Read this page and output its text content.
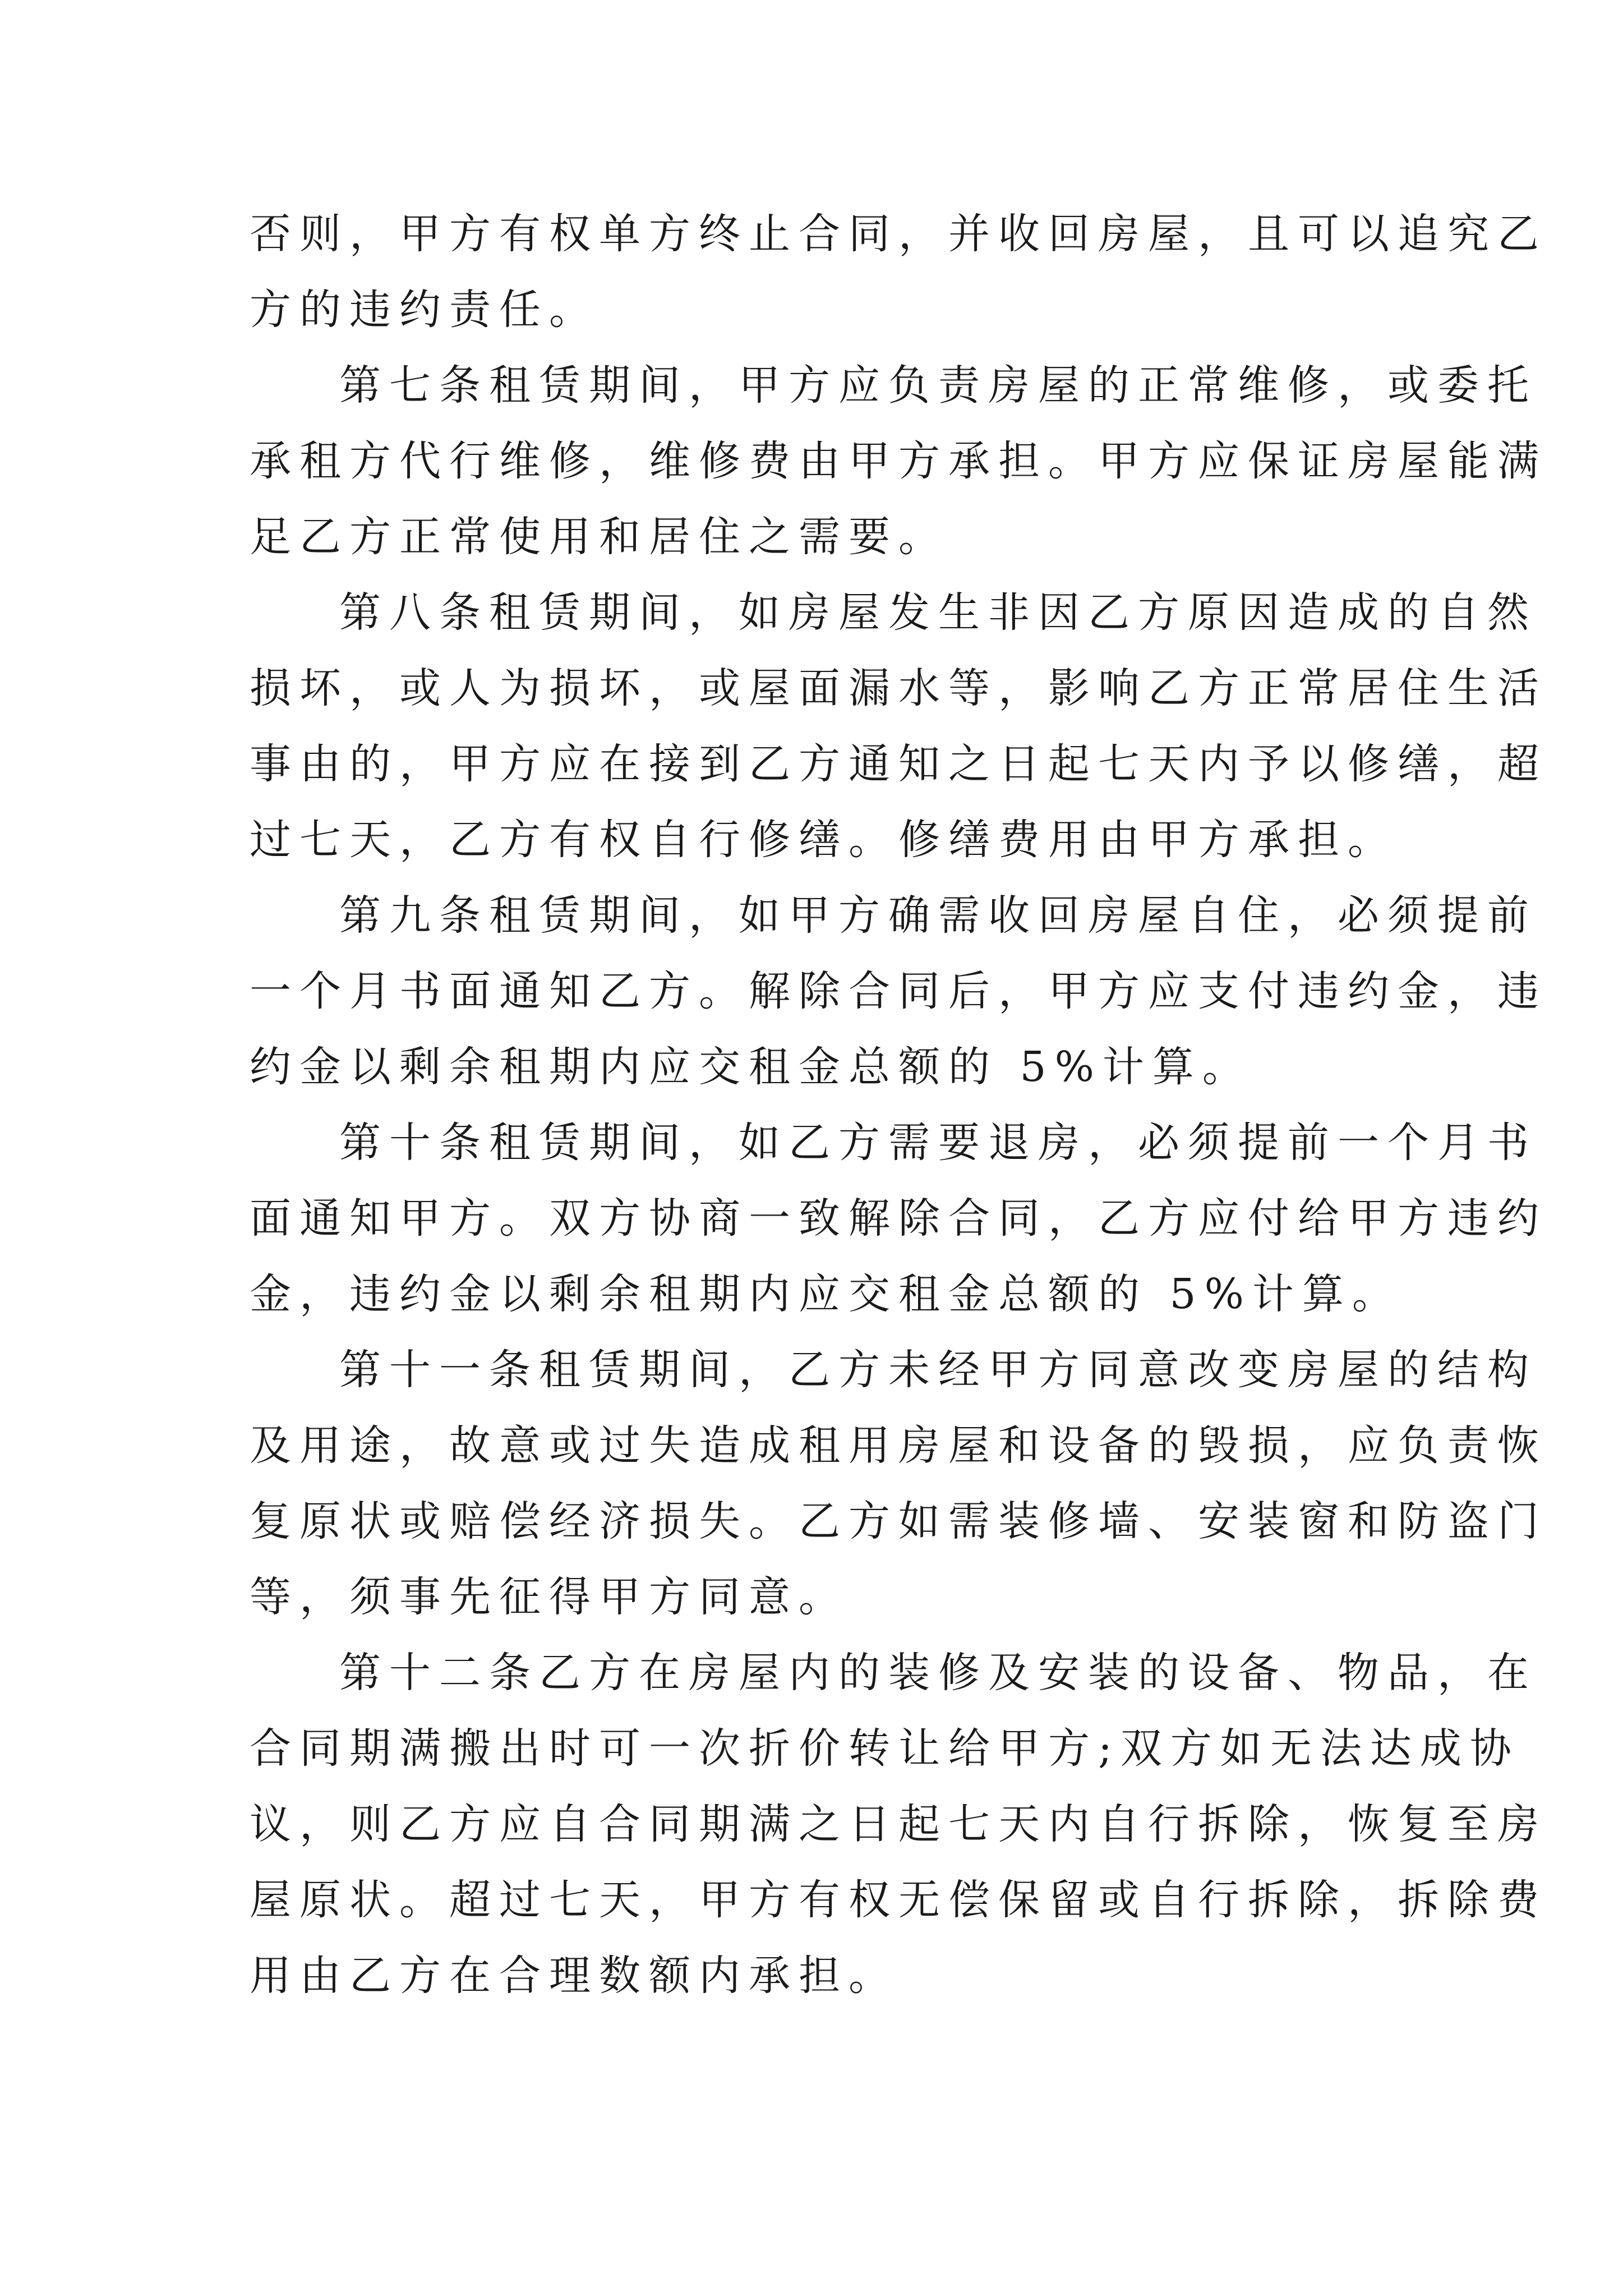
否则，甲方有权单方终止合同，并收回房屋，且可以追究乙
方的违约责任。
第七条租赁期间，甲方应负责房屋的正常维修，或委托
承租方代行维修，维修费由甲方承担。甲方应保证房屋能满
足乙方正常使用和居住之需要。
第八条租赁期间，如房屋发生非因乙方原因造成的自然
损坏，或人为损坏，或屋面漏水等，影响乙方正常居住生活
事由的，甲方应在接到乙方通知之日起七天内予以修缮，超
过七天，乙方有权自行修缮。修缮费用由甲方承担。
第九条租赁期间，如甲方确需收回房屋自住，必须提前
一个月书面通知乙方。解除合同后，甲方应支付违约金，违
约金以剩余租期内应交租金总额的 5%计算。
第十条租赁期间，如乙方需要退房，必须提前一个月书
面通知甲方。双方协商一致解除合同，乙方应付给甲方违约
金，违约金以剩余租期内应交租金总额的 5%计算。
第十一条租赁期间，乙方未经甲方同意改变房屋的结构
及用途，故意或过失造成租用房屋和设备的毁损，应负责恢
复原状或赔偿经济损失。乙方如需装修墙、安装窗和防盗门
等，须事先征得甲方同意。
第十二条乙方在房屋内的装修及安装的设备、物品，在
合同期满搬出时可一次折价转让给甲方;双方如无法达成协
议，则乙方应自合同期满之日起七天内自行拆除，恢复至房
屋原状。超过七天，甲方有权无偿保留或自行拆除，拆除费
用由乙方在合理数额内承担。
